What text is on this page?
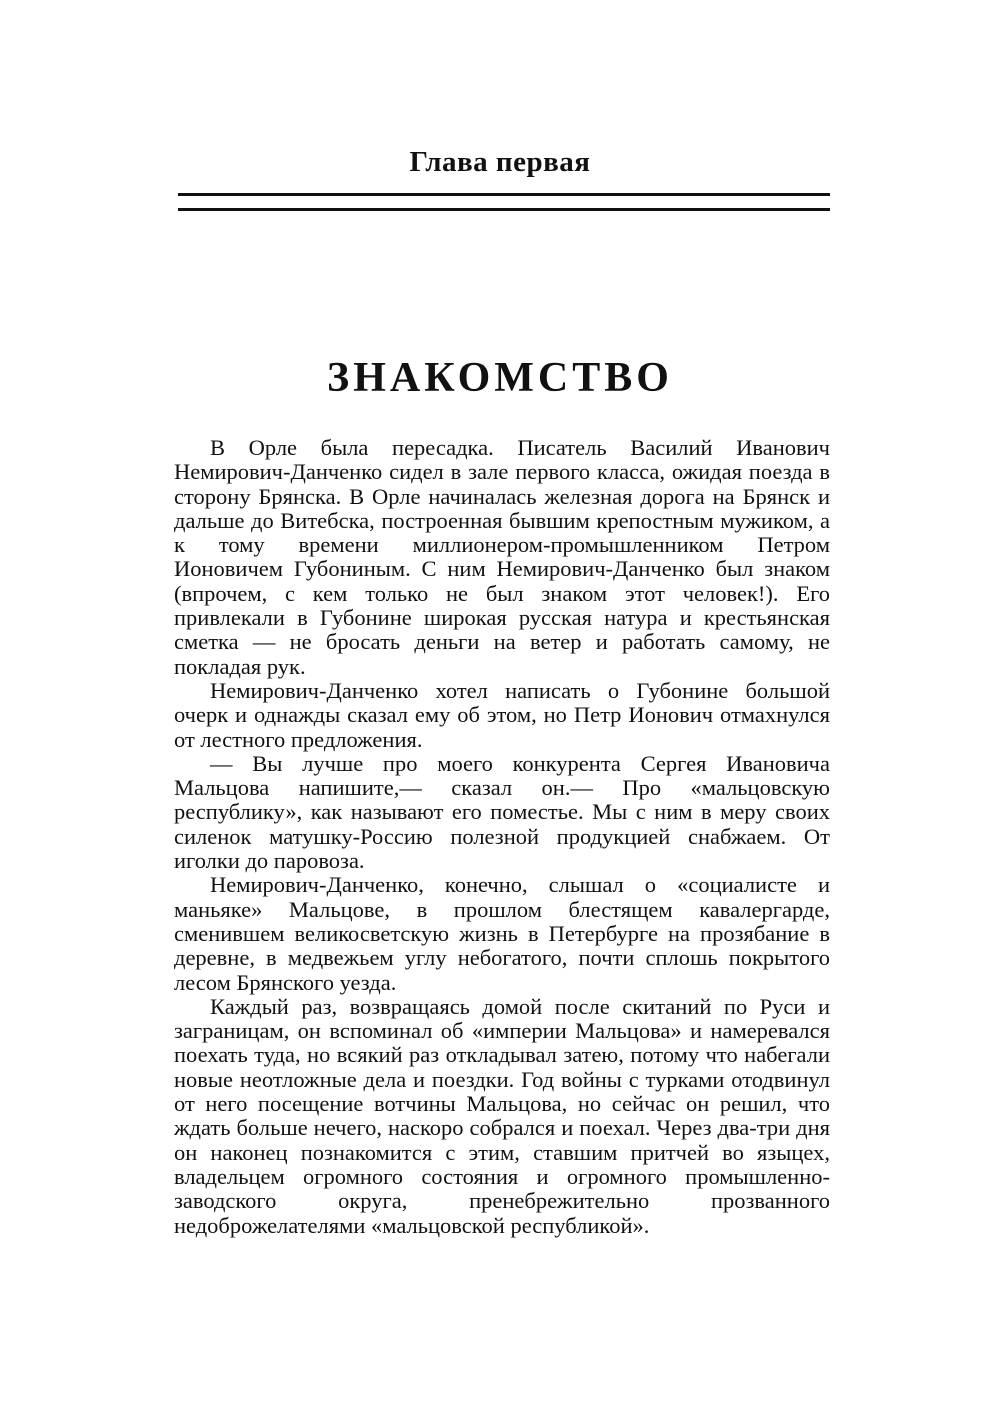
Глава первая
ЗНАКОМСТВО

В Орле была пересадка. Писатель Василий Иванович Немирович-Данченко сидел в зале первого класса, ожидая поезда в сторону Брянска. В Орле начиналась железная дорога на Брянск и дальше до Витебска, построенная бывшим крепостным мужиком, а к тому времени миллионером-промышленником Петром Ионовичем Губониным. С ним Немирович-Данченко был знаком (впрочем, с кем только не был знаком этот человек!). Его привлекали в Губонине широкая русская натура и крестьянская сметка — не бросать деньги на ветер и работать самому, не покладая рук.

Немирович-Данченко хотел написать о Губонине большой очерк и однажды сказал ему об этом, но Петр Ионович отмахнулся от лестного предложения.

— Вы лучше про моего конкурента Сергея Ивановича Мальцова напишите,— сказал он.— Про «мальцовскую республику», как называют его поместье. Мы с ним в меру своих силенок матушку-Россию полезной продукцией снабжаем. От иголки до паровоза.

Немирович-Данченко, конечно, слышал о «социалисте и маньяке» Мальцове, в прошлом блестящем кавалергарде, сменившем великосветскую жизнь в Петербурге на прозябание в деревне, в медвежьем углу небогатого, почти сплошь покрытого лесом Брянского уезда.

Каждый раз, возвращаясь домой после скитаний по Руси и заграницам, он вспоминал об «империи Мальцова» и намеревался поехать туда, но всякий раз откладывал затею, потому что набегали новые неотложные дела и поездки. Год войны с турками отодвинул от него посещение вотчины Мальцова, но сейчас он решил, что ждать больше нечего, наскоро собрался и поехал. Через два-три дня он наконец познакомится с этим, ставшим притчей во языцех, владельцем огромного состояния и огромного промышленно-заводского округа, пренебрежительно прозванного недоброжелателями «мальцовской республикой».
